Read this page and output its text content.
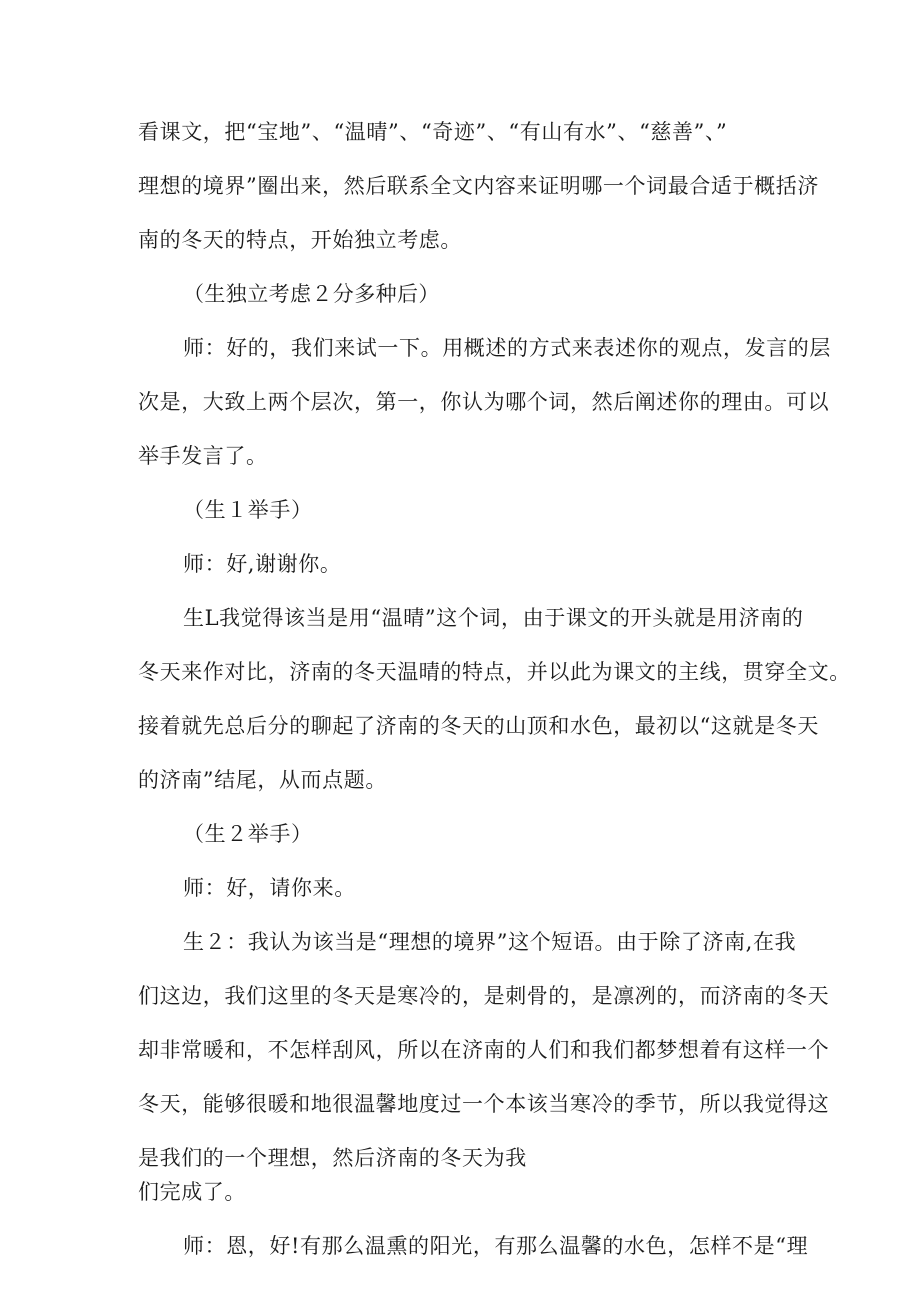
看课文，把“宝地”、“温晴”、“奇迹”、“有山有水”、“慈善”、”
理想的境界”圈出来，然后联系全文内容来证明哪一个词最合适于概括济
南的冬天的特点，开始独立考虑。
（生独立考虑２分多种后）
师：好的，我们来试一下。用概述的方式来表述你的观点，发言的层
次是，大致上两个层次，第一，你认为哪个词，然后阐述你的理由。可以
举手发言了。
（生１举手）
师：好,谢谢你。
生L我觉得该当是用“温晴”这个词，由于课文的开头就是用济南的
冬天来作对比，济南的冬天温晴的特点，并以此为课文的主线，贯穿全文。
接着就先总后分的聊起了济南的冬天的山顶和水色，最初以“这就是冬天
的济南”结尾，从而点题。
（生２举手）
师：好，请你来。
生２：我认为该当是“理想的境界”这个短语。由于除了济南,在我
们这边，我们这里的冬天是寒冷的，是刺骨的，是凛冽的，而济南的冬天
却非常暖和，不怎样刮风，所以在济南的人们和我们都梦想着有这样一个
冬天，能够很暖和地很温馨地度过一个本该当寒冷的季节，所以我觉得这
是我们的一个理想，然后济南的冬天为我
们完成了。
师：恩，好!有那么温熏的阳光，有那么温馨的水色，怎样不是“理
